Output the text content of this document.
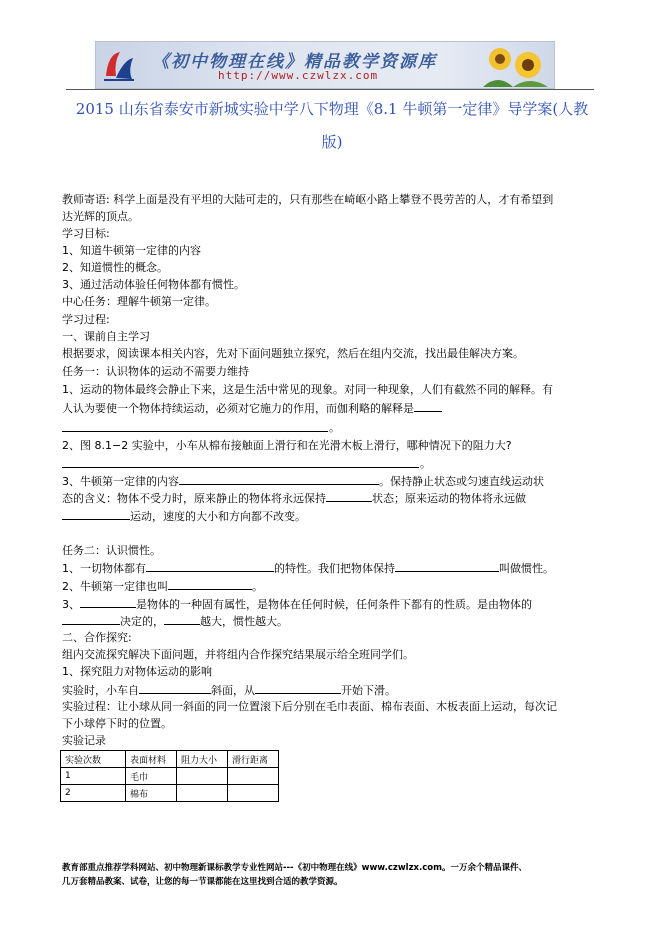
《初中物理在线》精品教学资源库
http://www.czwlzx.com
2015 山东省泰安市新城实验中学八下物理《8.1 牛顿第一定律》导学案(人教
版)
教师寄语: 科学上面是没有平坦的大陆可走的，只有那些在崎岖小路上攀登不畏劳苦的人，才有希望到
达光辉的顶点。
学习目标:
1、知道牛顿第一定律的内容
2、知道惯性的概念。
3、通过活动体验任何物体都有惯性。
中心任务：理解牛顿第一定律。
学习过程:
一、课前自主学习
根据要求，阅读课本相关内容，先对下面问题独立探究，然后在组内交流，找出最佳解决方案。
任务一：认识物体的运动不需要力维持
1、运动的物体最终会静止下来，这是生活中常见的现象。对同一种现象，人们有截然不同的解释。有
人认为要使一个物体持续运动，必须对它施力的作用，而伽利略的解释是
。
2、图 8.1−2 实验中，小车从棉布接触面上滑行和在光滑木板上滑行，哪种情况下的阻力大?
。
3、牛顿第一定律的内容	。保持静止状态或匀速直线运动状
态的含义：物体不受力时，原来静止的物体将永远保持	状态；原来运动的物体将永远做
运动，速度的大小和方向都不改变。
任务二：认识惯性。
1、一切物体都有	的特性。我们把物体保持	叫做惯性。
2、牛顿第一定律也叫	。
3、	是物体的一种固有属性，是物体在任何时候，任何条件下都有的性质。是由物体的
决定的，	越大，惯性越大。
二、合作探究:
组内交流探究解决下面问题，并将组内合作探究结果展示给全班同学们。
1、探究阻力对物体运动的影响
实验时，小车自	斜面，从	开始下滑。
实验过程：让小球从同一斜面的同一位置滚下后分别在毛巾表面、棉布表面、木板表面上运动，每次记
下小球停下时的位置。
实验记录
实验次数	表面材料	阻力大小	滑行距离
1	毛巾		
2	棉布		
教育部重点推荐学科网站、初中物理新课标教学专业性网站---《初中物理在线》www.czwlzx.com。一万余个精品课件、
几万套精品教案、试卷，让您的每一节课都能在这里找到合适的教学资源。
